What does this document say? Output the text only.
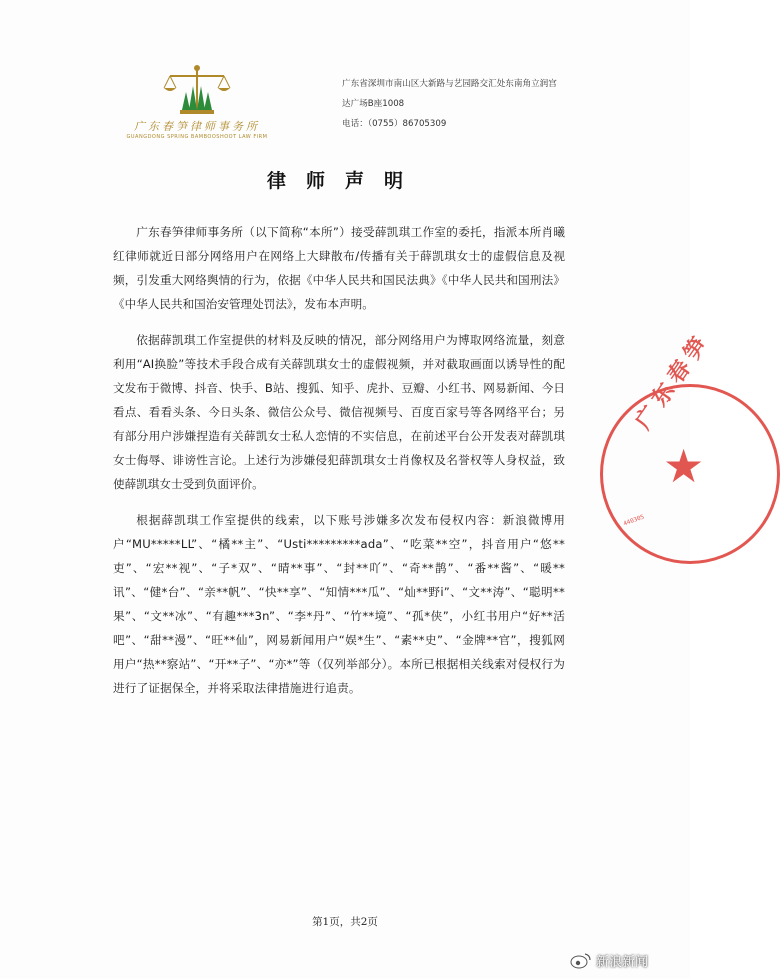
广东春笋律师事务所
GUANGDONG SPRING BAMBOOSHOOT LAW FIRM
广东省深圳市南山区大新路与艺园路交汇处东南角立润宫
达广场B座1008
电话：（0755）86705309
律师声明

广东春笋律师事务所（以下简称“本所”）接受薛凯琪工作室的委托，指派本所肖曦红律师就近日部分网络用户在网络上大肆散布/传播有关于薛凯琪女士的虚假信息及视频，引发重大网络舆情的行为，依据《中华人民共和国民法典》《中华人民共和国刑法》《中华人民共和国治安管理处罚法》，发布本声明。

依据薛凯琪工作室提供的材料及反映的情况，部分网络用户为博取网络流量，刻意利用“AI换脸”等技术手段合成有关薛凯琪女士的虚假视频，并对截取画面以诱导性的配文发布于微博、抖音、快手、B站、搜狐、知乎、虎扑、豆瓣、小红书、网易新闻、今日看点、看看头条、今日头条、微信公众号、微信视频号、百度百家号等各网络平台；另有部分用户涉嫌捏造有关薛凯女士私人恋情的不实信息，在前述平台公开发表对薛凯琪女士侮辱、诽谤性言论。上述行为涉嫌侵犯薛凯琪女士肖像权及名誉权等人身权益，致使薛凯琪女士受到负面评价。

根据薛凯琪工作室提供的线索，以下账号涉嫌多次发布侵权内容：新浪微博用户“MU*****LL”、“橘**主”、“Usti*********ada”、“吃菜**空”，抖音用户“悠**吏”、“宏**视”、“子*双”、“晴**事”、“封**吖”、“奇**鹊”、“番**酱”、“暖**讯”、“健*台”、“亲**帆”、“快**享”、“知情***瓜”、“灿**野i”、“文**涛”、“聪明**果”、“文**冰”、“有趣***3n”、“李*丹”、“竹**境”、“孤*侠”，小红书用户“好**活吧”、“甜**漫”、“旺**仙”，网易新闻用户“娱*生”、“素**史”、“金牌**官”，搜狐网用户“热**察站”、“开**子”、“亦*”等（仅列举部分）。本所已根据相关线索对侵权行为进行了证据保全，并将采取法律措施进行追责。

广东春笋
★
440305
第1页，共2页
新浪新闻
